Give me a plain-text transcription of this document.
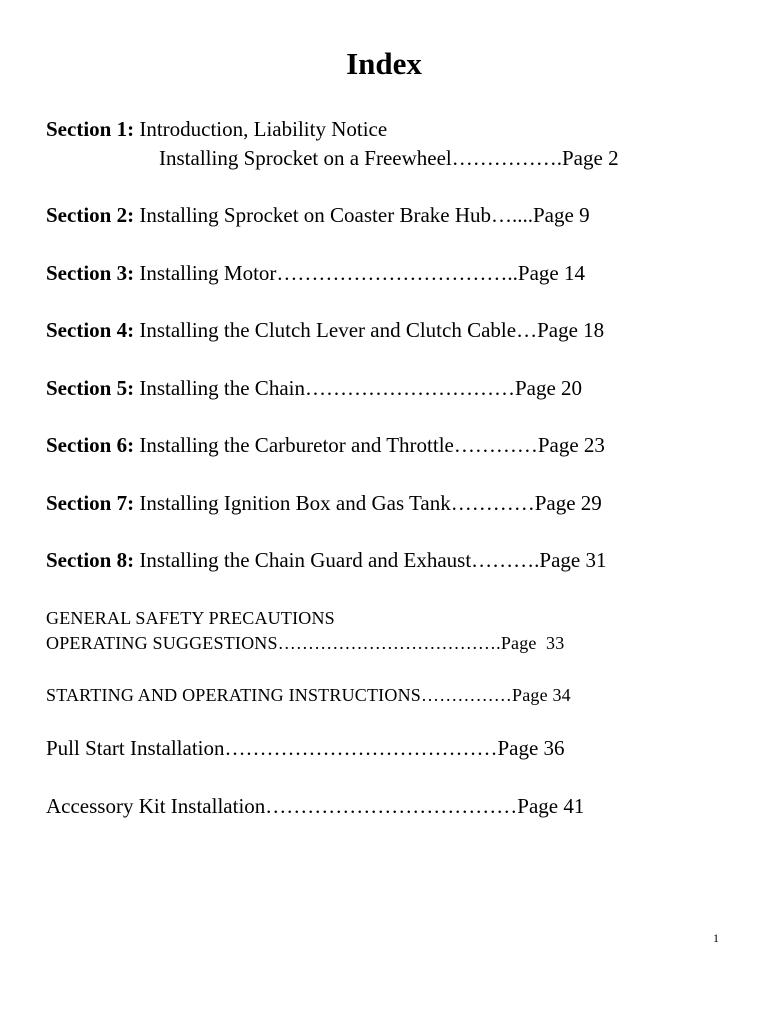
Index
Section 1: Introduction, Liability Notice
Installing Sprocket on a Freewheel…………….Page 2
Section 2: Installing Sprocket on Coaster Brake Hub…....Page 9
Section 3: Installing Motor……………………………..Page 14
Section 4: Installing the Clutch Lever and Clutch Cable…Page 18
Section 5: Installing the Chain…………………………Page 20
Section 6: Installing the Carburetor and Throttle…………Page 23
Section 7: Installing Ignition Box and Gas Tank…………Page 29
Section 8: Installing the Chain Guard and Exhaust……….Page 31
GENERAL SAFETY PRECAUTIONS
OPERATING SUGGESTIONS……………………………….Page  33
STARTING AND OPERATING INSTRUCTIONS……………Page 34
Pull Start Installation…………………………………Page 36
Accessory Kit Installation………………………………Page 41
1
